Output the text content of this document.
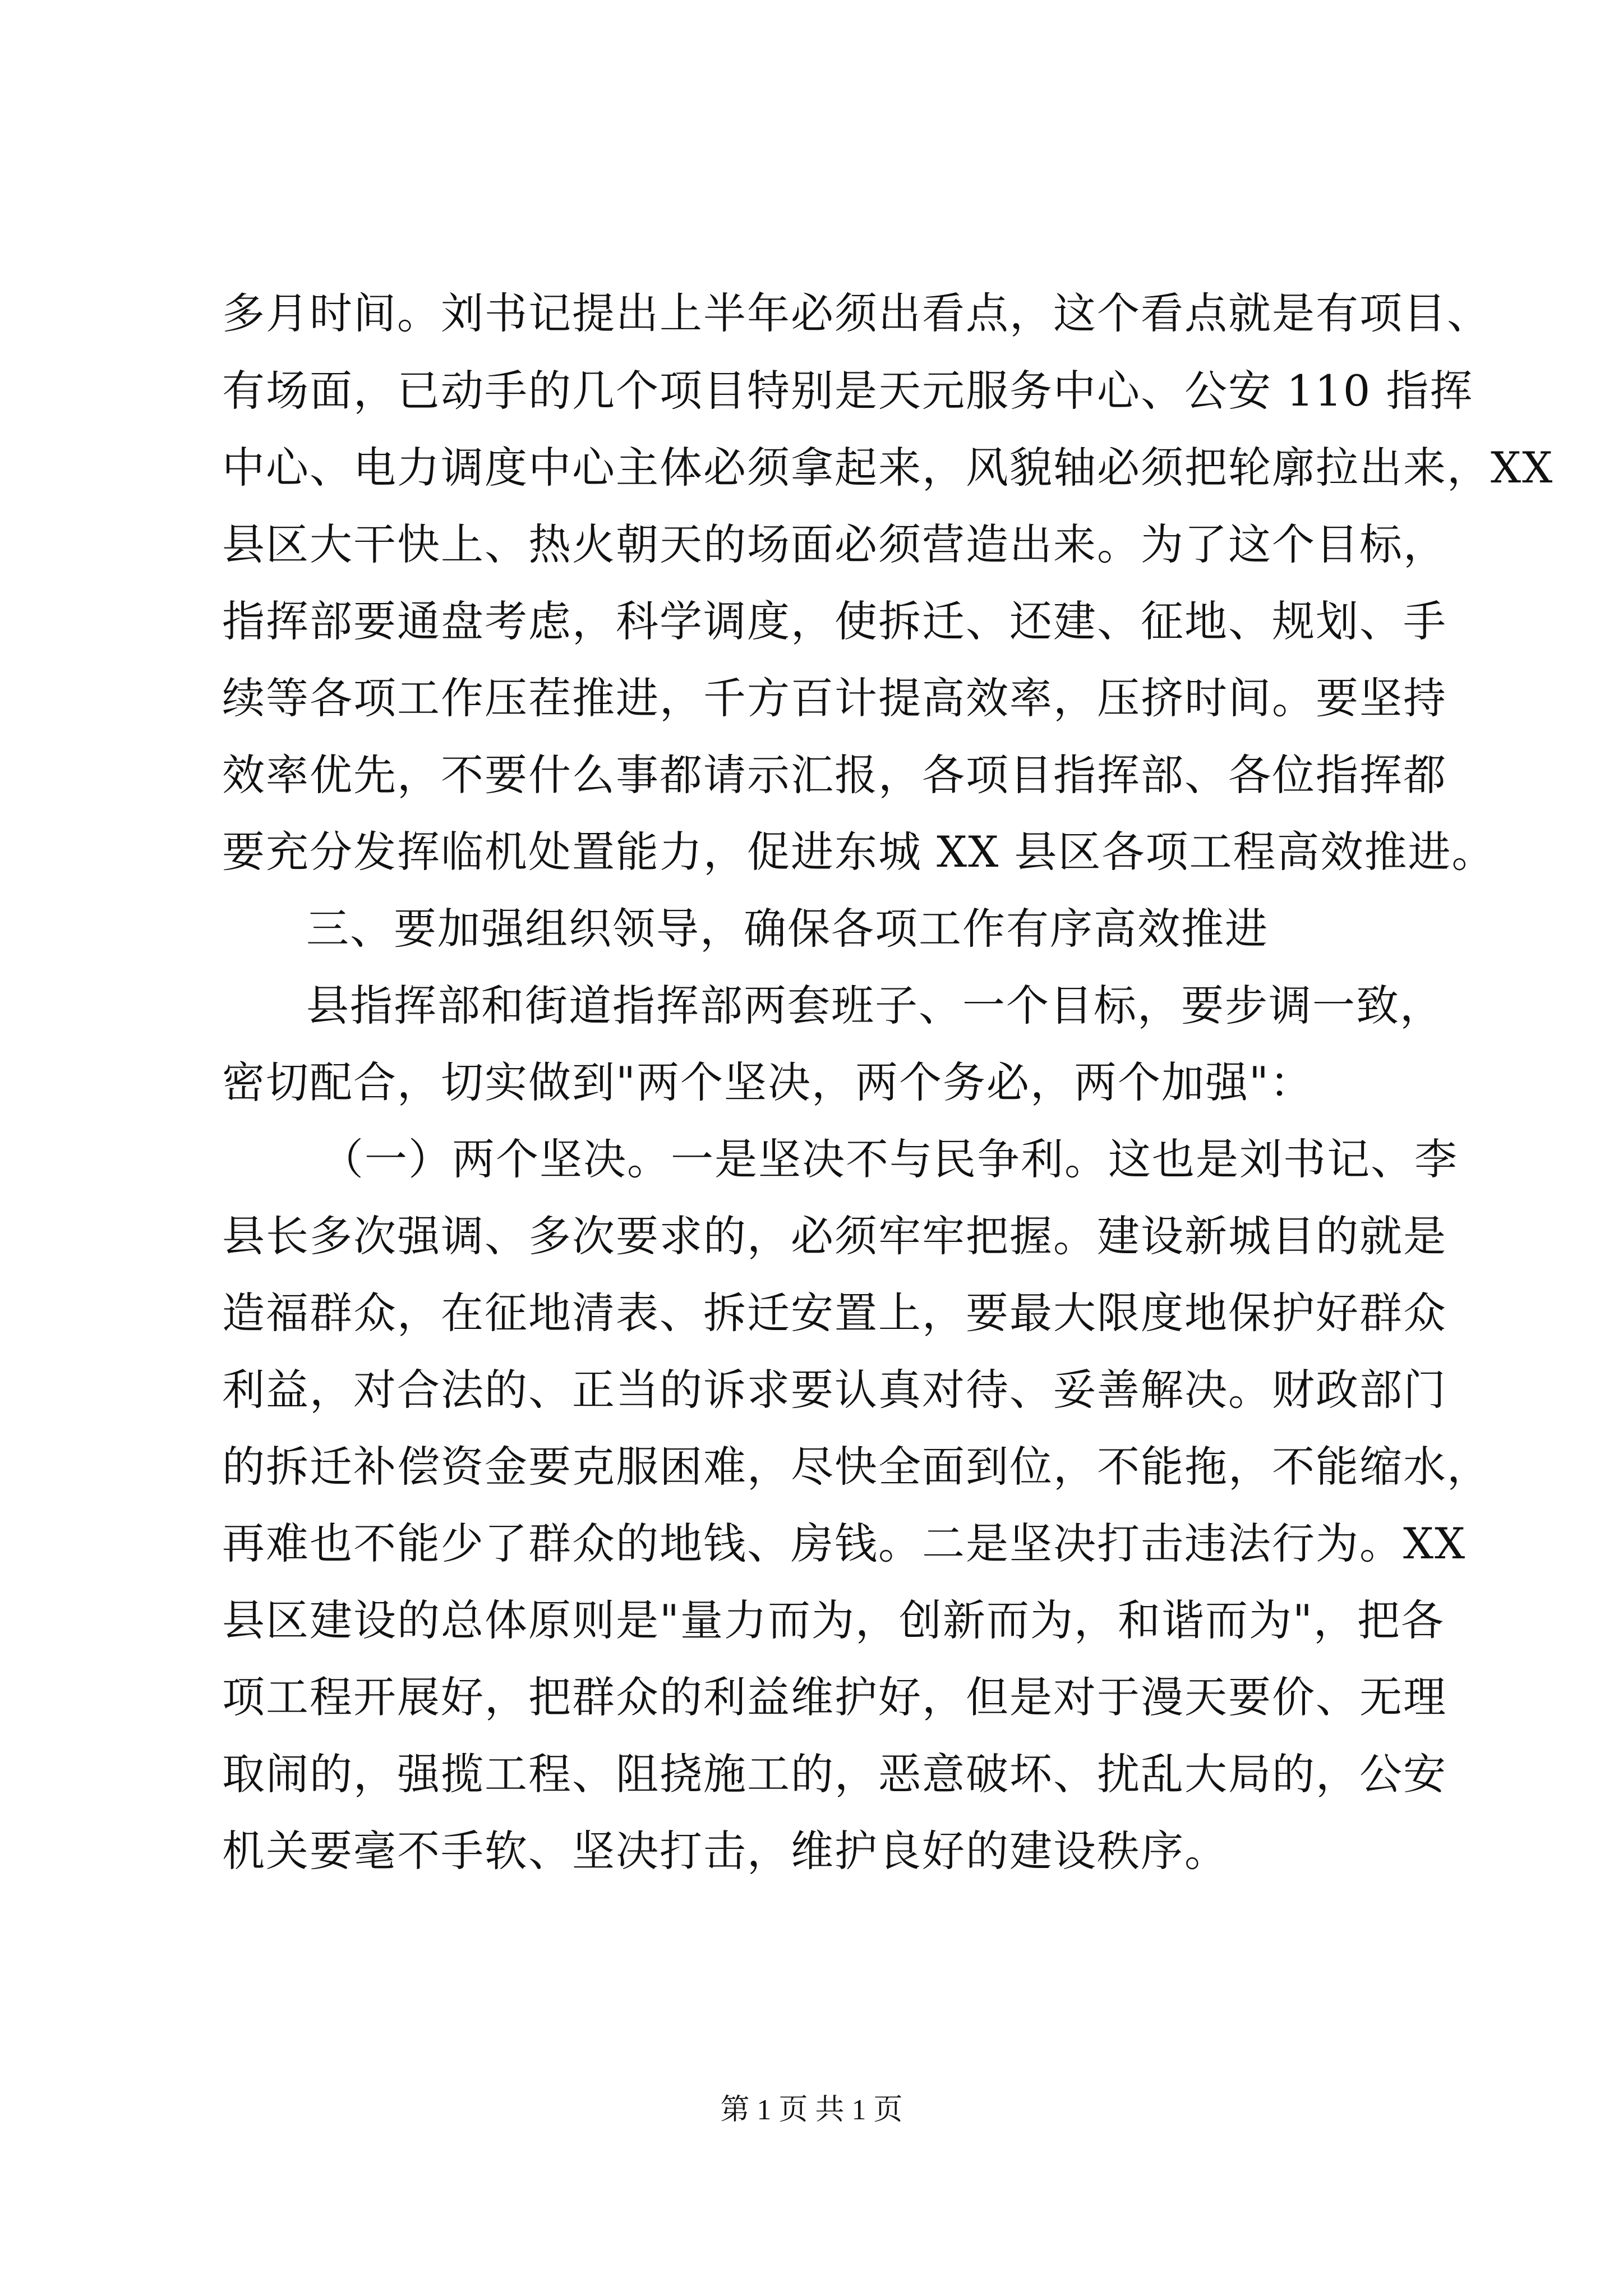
多月时间。刘书记提出上半年必须出看点，这个看点就是有项目、
有场面，已动手的几个项目特别是天元服务中心、公安 110 指挥
中心、电力调度中心主体必须拿起来，风貌轴必须把轮廓拉出来，XX
县区大干快上、热火朝天的场面必须营造出来。为了这个目标，
指挥部要通盘考虑，科学调度，使拆迁、还建、征地、规划、手
续等各项工作压茬推进，千方百计提高效率，压挤时间。要坚持
效率优先，不要什么事都请示汇报，各项目指挥部、各位指挥都
要充分发挥临机处置能力，促进东城 XX 县区各项工程高效推进。
三、要加强组织领导，确保各项工作有序高效推进
县指挥部和街道指挥部两套班子、一个目标，要步调一致，
密切配合，切实做到"两个坚决，两个务必，两个加强"：
（一）两个坚决。一是坚决不与民争利。这也是刘书记、李
县长多次强调、多次要求的，必须牢牢把握。建设新城目的就是
造福群众，在征地清表、拆迁安置上，要最大限度地保护好群众
利益，对合法的、正当的诉求要认真对待、妥善解决。财政部门
的拆迁补偿资金要克服困难，尽快全面到位，不能拖，不能缩水，
再难也不能少了群众的地钱、房钱。二是坚决打击违法行为。XX
县区建设的总体原则是"量力而为，创新而为，和谐而为"，把各
项工程开展好，把群众的利益维护好，但是对于漫天要价、无理
取闹的，强揽工程、阻挠施工的，恶意破坏、扰乱大局的，公安
机关要毫不手软、坚决打击，维护良好的建设秩序。
第 1 页 共 1 页
